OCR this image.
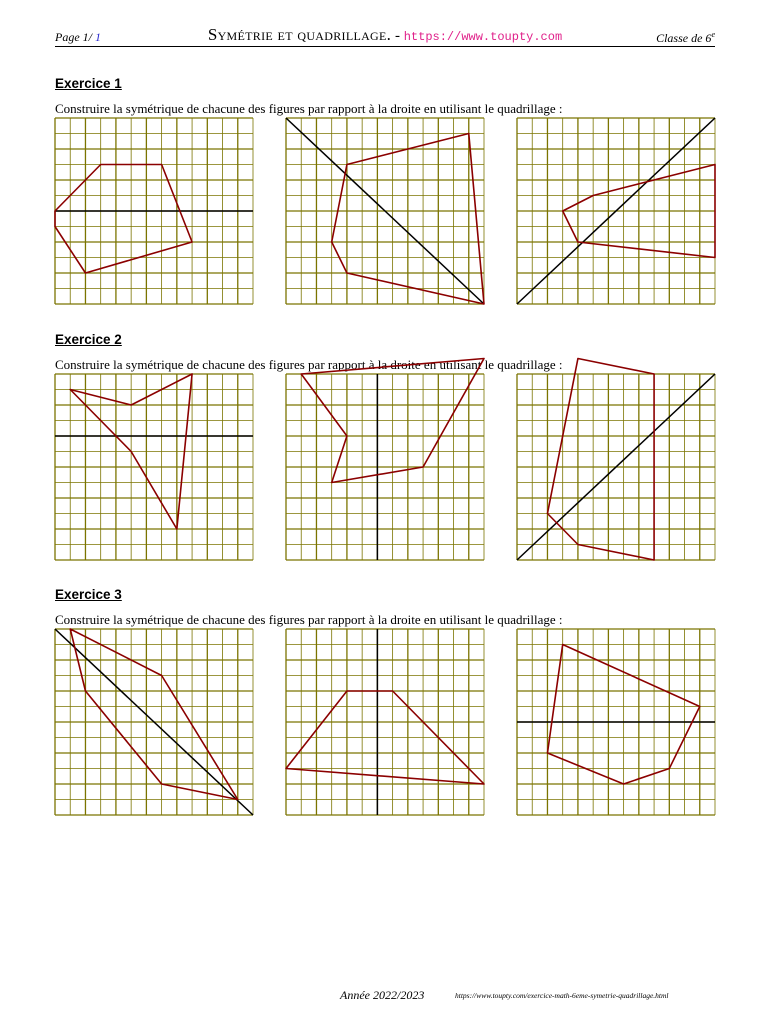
Page 1/ 1	Symétrie et quadrillage. - https://www.toupty.com	Classe de 6e
Exercice 1
Construire la symétrique de chacune des figures par rapport à la droite en utilisant le quadrillage :
Exercice 2
Construire la symétrique de chacune des figures par rapport à la droite en utilisant le quadrillage :
Exercice 3
Construire la symétrique de chacune des figures par rapport à la droite en utilisant le quadrillage :
Année 2022/2023	https://www.toupty.com/exercice-math-6eme-symetrie-quadrillage.html
